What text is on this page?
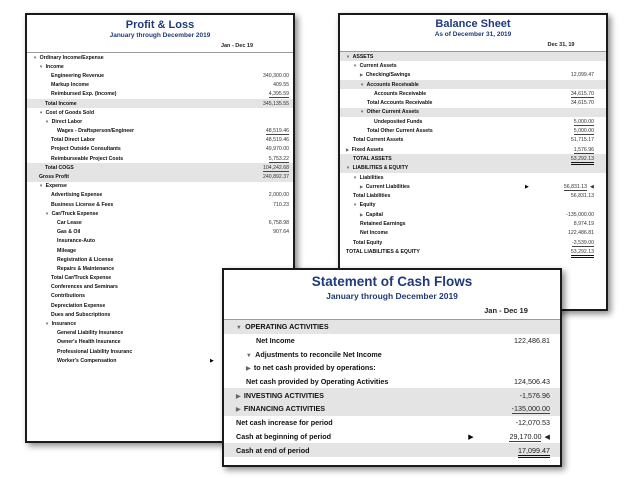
Profit & Loss
January through December 2019
Jan - Dec 19
▼ Ordinary Income/Expense
▼ Income
Engineering Revenue	340,300.00
Markup Income	409.55
Reimbursed Exp. (Income)	4,395.59
Total Income	345,135.55
▼ Cost of Goods Sold
▼ Direct Labor
Wages - Draftsperson/Engineer	48,519.46
Total Direct Labor	48,519.46
Project Outside Consultants	49,970.00
Reimburseable Project Costs	5,753.22
Total COGS	104,242.68
Gross Profit	240,892.37
▼ Expense
Advertising Expense	2,000.00
Business License & Fees	710.23
▼ Car/Truck Expense
Car Lease	6,758.98
Gas & Oil	907.64
Insurance-Auto
Mileage
Registration & License
Repairs & Maintenance
Total Car/Truck Expense
Conferences and Seminars
Contributions
Depreciation Expense
Dues and Subscriptions
▼ Insurance
General Liability Insurance
Owner's Health Insurance
Professional Liability Insuranc
Worker's Compensation	▶
Balance Sheet
As of December 31, 2019
Dec 31, 19
▼ ASSETS
▼ Current Assets
▶ Checking/Savings	12,099.47
▼ Accounts Receivable
Accounts Receivable	34,615.70
Total Accounts Receivable	34,615.70
▼ Other Current Assets
Undeposited Funds	5,000.00
Total Other Current Assets	5,000.00
Total Current Assets	51,715.17
▶ Fixed Assets	1,576.96
TOTAL ASSETS	53,292.13
▼ LIABILITIES & EQUITY
▼ Liabilities
▶ Current Liabilities	▶	56,831.13 ◀
Total Liabilities	56,831.13
▼ Equity
▶ Capital	-135,000.00
Retained Earnings	8,974.19
Net Income	122,486.81
Total Equity	-3,539.00
TOTAL LIABILITIES & EQUITY	53,292.13
Statement of Cash Flows
January through December 2019
Jan - Dec 19
▼ OPERATING ACTIVITIES
Net Income	122,486.81
▼ Adjustments to reconcile Net Income
▶ to net cash provided by operations:
Net cash provided by Operating Activities	124,506.43
▶ INVESTING ACTIVITIES	-1,576.96
▶ FINANCING ACTIVITIES	-135,000.00
Net cash increase for period	-12,070.53
Cash at beginning of period	▶	29,170.00 ◀
Cash at end of period	17,099.47
